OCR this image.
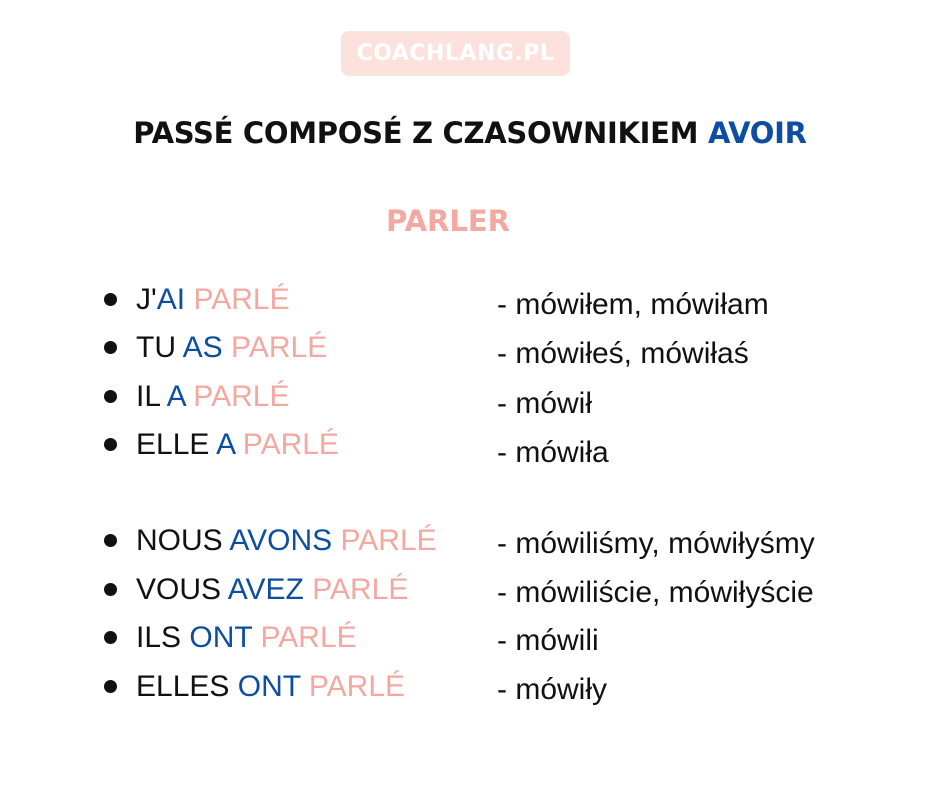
COACHLANG.PL
PASSÉ COMPOSÉ Z CZASOWNIKIEM AVOIR
PARLER
J'AI PARLÉ	- mówiłem, mówiłam
TU AS PARLÉ	- mówiłeś, mówiłaś
IL A PARLÉ	- mówił
ELLE A PARLÉ	- mówiła
NOUS AVONS PARLÉ	- mówiliśmy, mówiłyśmy
VOUS AVEZ PARLÉ	- mówiliście, mówiłyście
ILS ONT PARLÉ	- mówili
ELLES ONT PARLÉ	- mówiły
